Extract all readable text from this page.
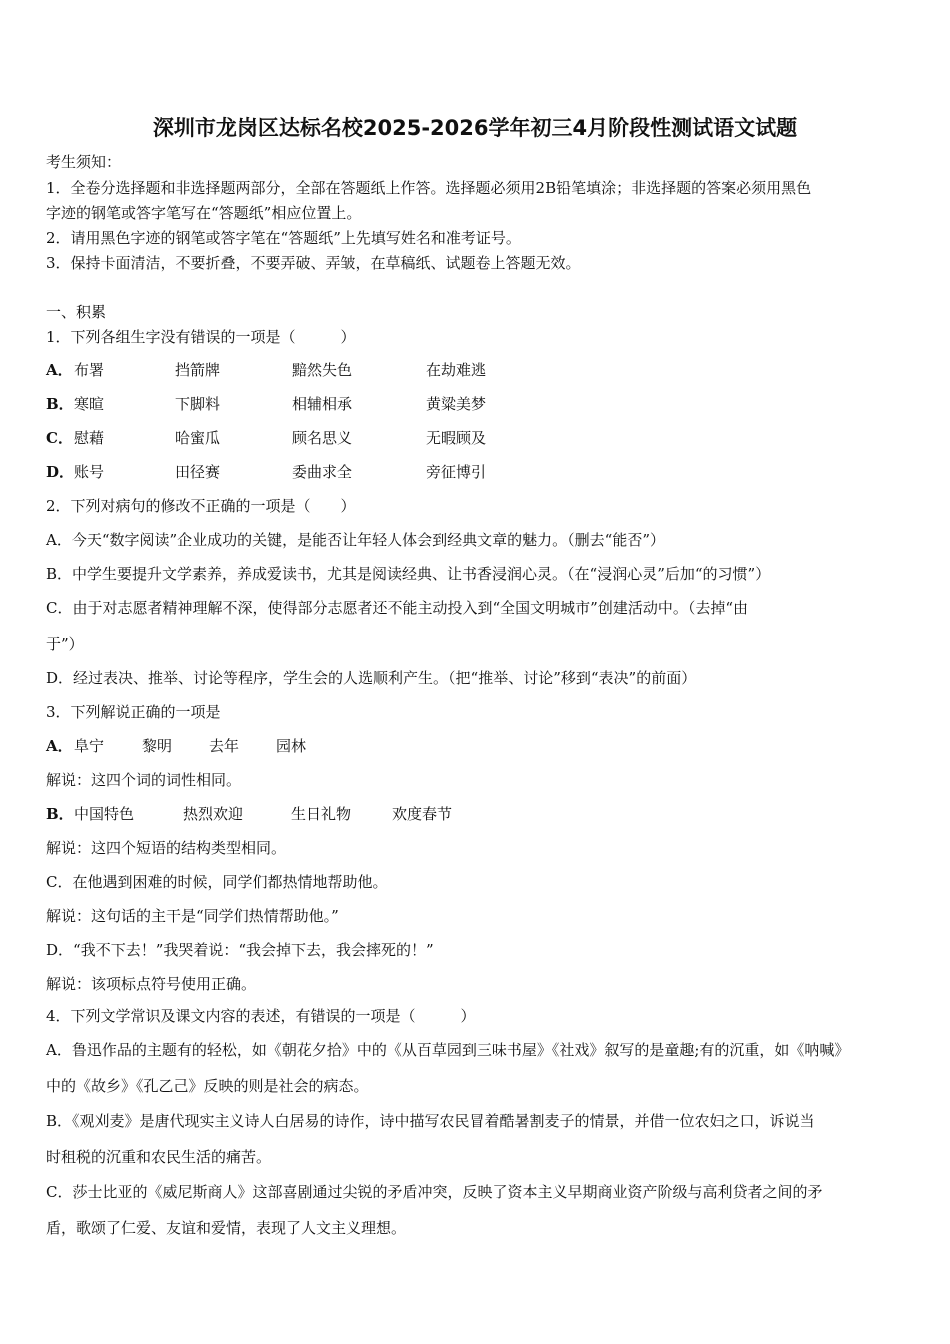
深圳市龙岗区达标名校2025-2026学年初三4月阶段性测试语文试题
考生须知：
1．全卷分选择题和非选择题两部分，全部在答题纸上作答。选择题必须用2B铅笔填涂；非选择题的答案必须用黑色
字迹的钢笔或答字笔写在“答题纸”相应位置上。
2．请用黑色字迹的钢笔或答字笔在“答题纸”上先填写姓名和准考证号。
3．保持卡面清洁，不要折叠，不要弄破、弄皱，在草稿纸、试题卷上答题无效。
一、积累
1．下列各组生字没有错误的一项是（　　　）
A． 布署	挡箭牌	黯然失色	在劫难逃
B． 寒暄	下脚料	相辅相承	黄粱美梦
C． 慰藉	哈蜜瓜	顾名思义	无暇顾及
D． 账号	田径赛	委曲求全	旁征博引
2．下列对病句的修改不正确的一项是（　　）
A．今天“数字阅读”企业成功的关键，是能否让年轻人体会到经典文章的魅力。（删去“能否”）
B．中学生要提升文学素养，养成爱读书，尤其是阅读经典、让书香浸润心灵。（在“浸润心灵”后加“的习惯”）
C．由于对志愿者精神理解不深，使得部分志愿者还不能主动投入到“全国文明城市”创建活动中。（去掉“由
于”）
D．经过表决、推举、讨论等程序，学生会的人选顺利产生。（把“推举、讨论”移到“表决”的前面）
3．下列解说正确的一项是
A． 阜宁	黎明 去年 园林
解说：这四个词的词性相同。
B． 中国特色	热烈欢迎	生日礼物	欢度春节
解说：这四个短语的结构类型相同。
C．在他遇到困难的时候，同学们都热情地帮助他。
解说：这句话的主干是“同学们热情帮助他。”
D．“我不下去！”我哭着说：“我会掉下去，我会摔死的！”
解说：该项标点符号使用正确。
4．下列文学常识及课文内容的表述，有错误的一项是（　　　）
A．鲁迅作品的主题有的轻松，如《朝花夕拾》中的《从百草园到三味书屋》《社戏》叙写的是童趣;有的沉重，如《呐喊》
中的《故乡》《孔乙己》反映的则是社会的病态。
B．《观刈麦》是唐代现实主义诗人白居易的诗作，诗中描写农民冒着酷暑割麦子的情景，并借一位农妇之口，诉说当
时租税的沉重和农民生活的痛苦。
C．莎士比亚的《威尼斯商人》这部喜剧通过尖锐的矛盾冲突，反映了资本主义早期商业资产阶级与高利贷者之间的矛
盾，歌颂了仁爱、友谊和爱情，表现了人文主义理想。
